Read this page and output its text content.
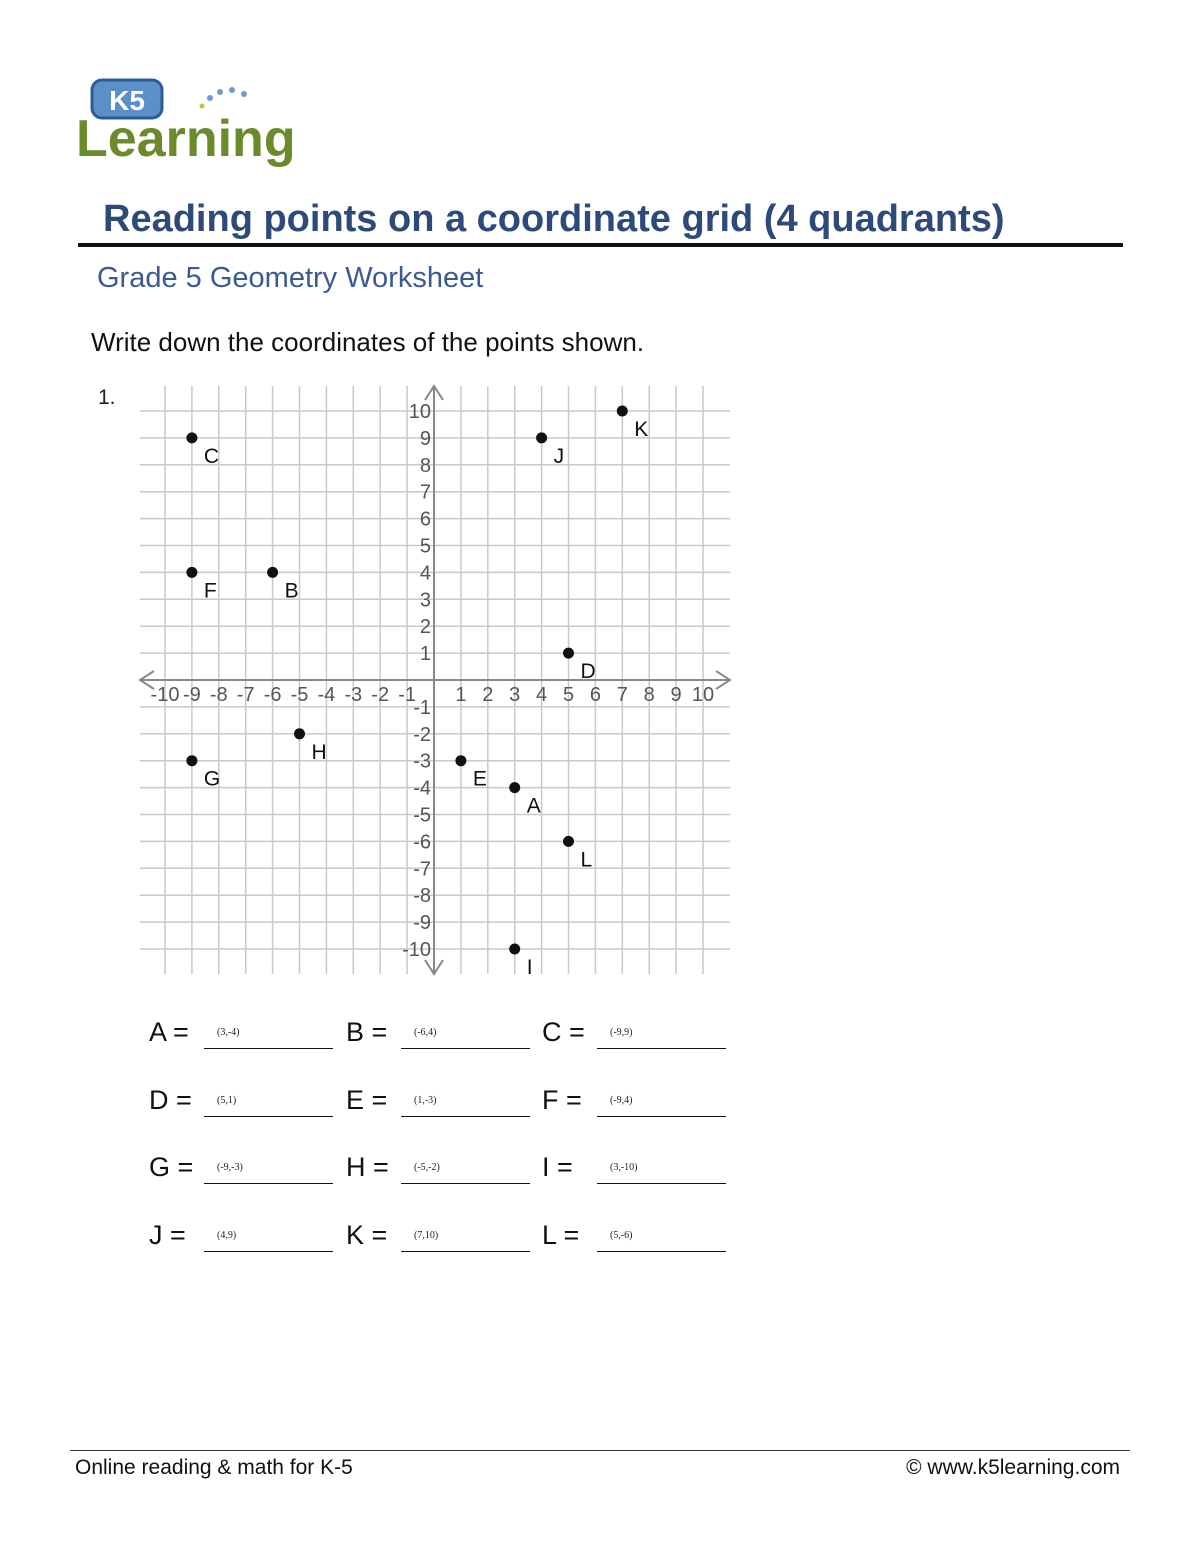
K5
Learning
Reading points on a coordinate grid (4 quadrants)
Grade 5 Geometry Worksheet
Write down the coordinates of the points shown.
1.
-10 -9 -8 -7 -6 -5 -4 -3 -2 -1 1 2 3 4 5 6 7 8 9 10
-10
-9
-8
-7
-6
-5
-4
-3
-2
-1
1
2
3
4
5
6
7
8
9
10
A
B
C
D
E
F
G
H
I
J
K
L
A =	(3,-4)	B =	(-6,4)	C =	(-9,9)
D =	(5,1)	E =	(1,-3)	F =	(-9,4)
G = (-9,-3)	H =	(-5,-2)	I =	(3,-10)
J =	(4,9)	K =	(7,10)	L =	(5,-6)
Online reading & math for K-5	© www.k5learning.com
